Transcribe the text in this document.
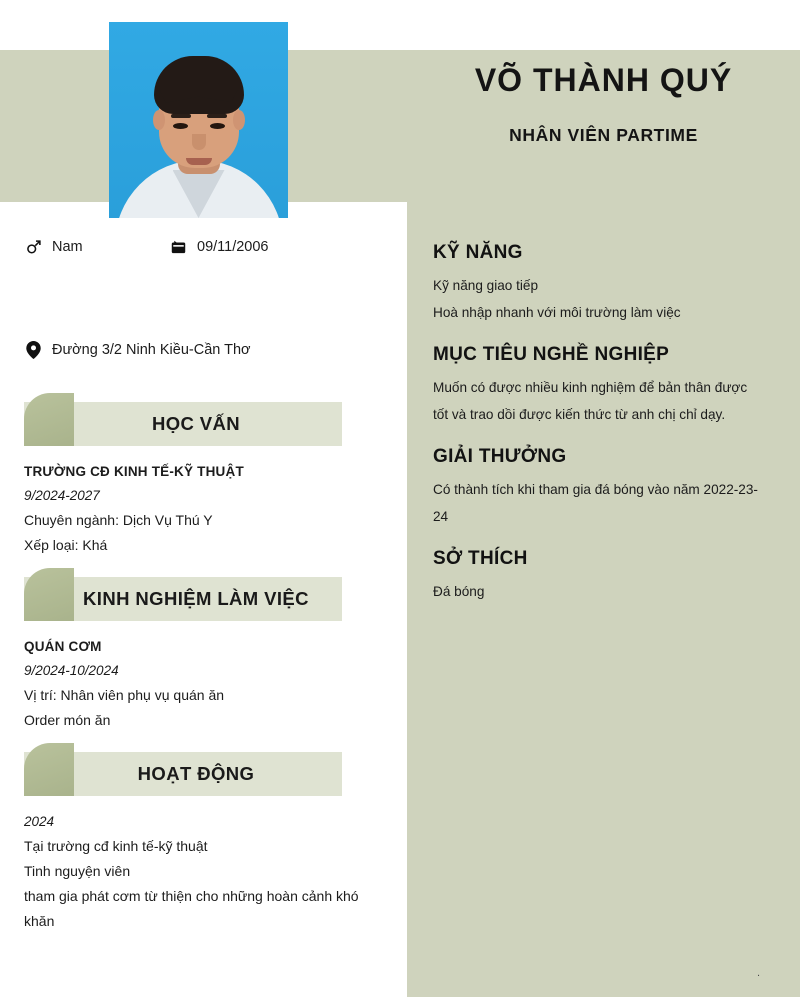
Nam	09/11/2006
Đường 3/2 Ninh Kiều-Cần Thơ
HỌC VẤN
TRƯỜNG CĐ KINH TẾ-KỸ THUẬT
9/2024-2027
Chuyên ngành: Dịch Vụ Thú Y
Xếp loại: Khá
KINH NGHIỆM LÀM VIỆC
QUÁN CƠM
9/2024-10/2024
Vị trí: Nhân viên phụ vụ quán ăn
Order món ăn
HOẠT ĐỘNG
2024
Tại trường cđ kinh tế-kỹ thuật
Tinh nguyện viên
tham gia phát cơm từ thiện cho những hoàn cảnh khó khăn
.
VÕ THÀNH QUÝ
NHÂN VIÊN PARTIME
KỸ NĂNG
Kỹ năng giao tiếp
Hoà nhập nhanh với môi trường làm việc
MỤC TIÊU NGHỀ NGHIỆP
Muốn có được nhiều kinh nghiệm để bản thân được tốt và trao dồi được kiến thức từ anh chị chỉ dạy.
GIẢI THƯỞNG
Có thành tích khi tham gia đá bóng vào năm 2022-23-24
SỞ THÍCH
Đá bóng
